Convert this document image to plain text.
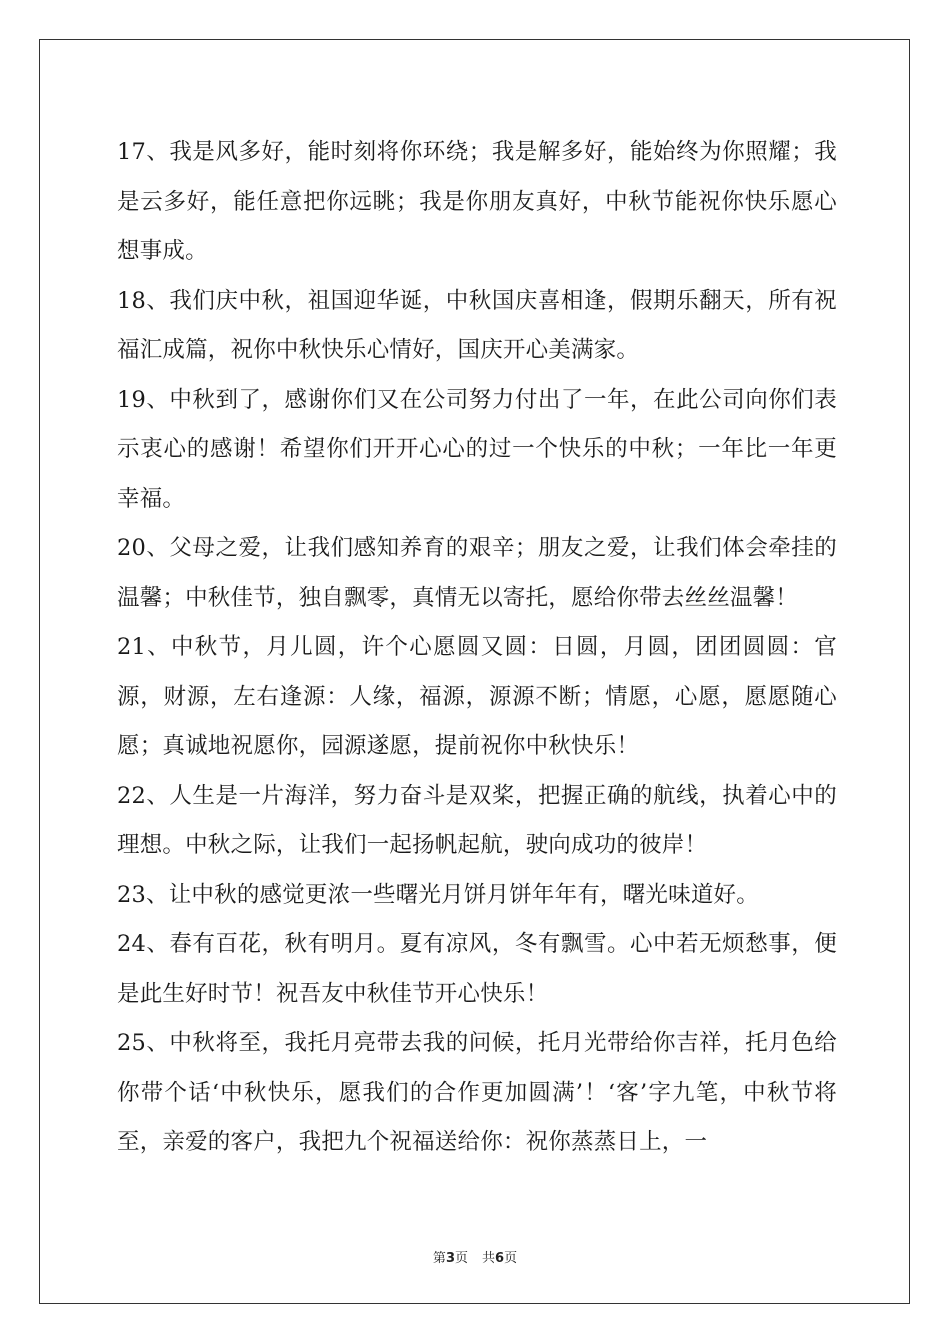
17、我是风多好，能时刻将你环绕；我是解多好，能始终为你照耀；我是云多好，能任意把你远眺；我是你朋友真好，中秋节能祝你快乐愿心想事成。

18、我们庆中秋，祖国迎华诞，中秋国庆喜相逢，假期乐翻天，所有祝福汇成篇，祝你中秋快乐心情好，国庆开心美满家。

19、中秋到了，感谢你们又在公司努力付出了一年，在此公司向你们表示衷心的感谢！希望你们开开心心的过一个快乐的中秋；一年比一年更幸福。

20、父母之爱，让我们感知养育的艰辛；朋友之爱，让我们体会牵挂的温馨；中秋佳节，独自飘零，真情无以寄托，愿给你带去丝丝温馨！

21、中秋节，月儿圆，许个心愿圆又圆：日圆，月圆，团团圆圆：官源，财源，左右逢源：人缘，福源，源源不断；情愿，心愿，愿愿随心愿；真诚地祝愿你，园源遂愿，提前祝你中秋快乐！

22、人生是一片海洋，努力奋斗是双桨，把握正确的航线，执着心中的理想。中秋之际，让我们一起扬帆起航，驶向成功的彼岸！

23、让中秋的感觉更浓一些曙光月饼月饼年年有，曙光味道好。

24、春有百花，秋有明月。夏有凉风，冬有飘雪。心中若无烦愁事，便是此生好时节！祝吾友中秋佳节开心快乐！

25、中秋将至，我托月亮带去我的问候，托月光带给你吉祥，托月色给你带个话‘中秋快乐，愿我们的合作更加圆满’！‘客’字九笔，中秋节将至，亲爱的客户，我把九个祝福送给你：祝你蒸蒸日上，一

第3页 共6页
